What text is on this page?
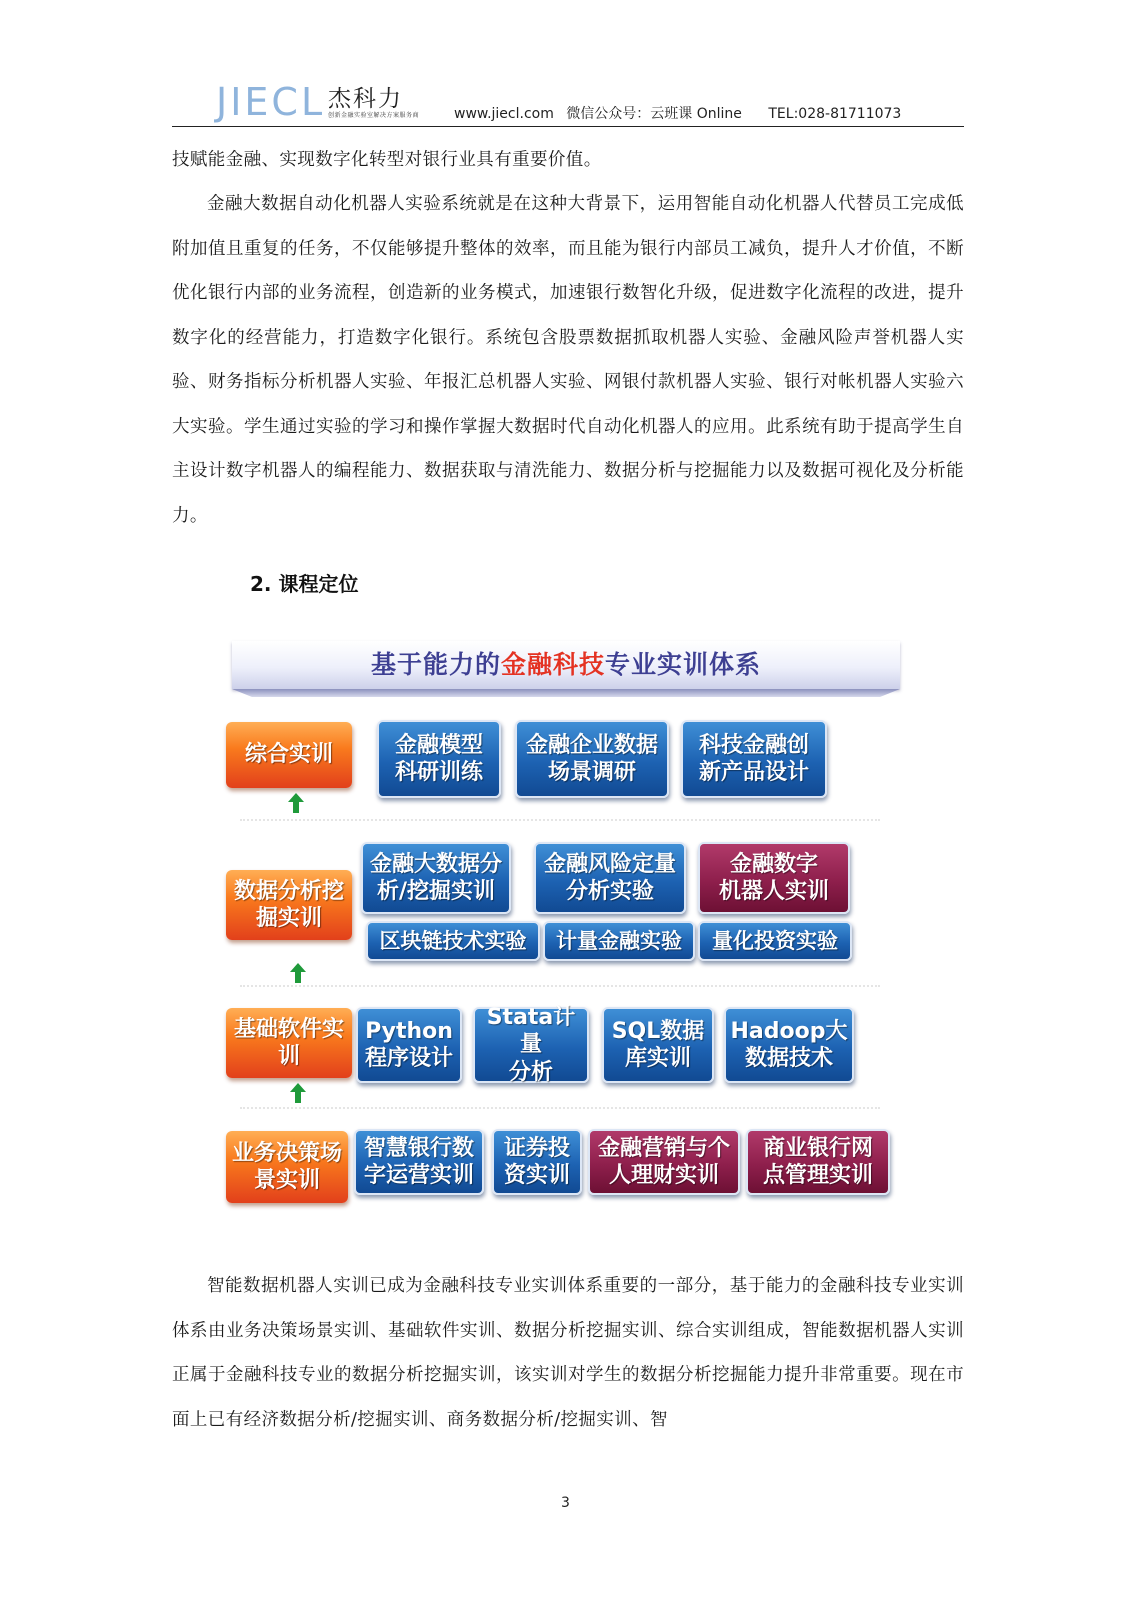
JIECL 杰科力
创新金融实验室解决方案服务商 www.jiecl.com 微信公众号：云班课 Online TEL:028-81711073

技赋能金融、实现数字化转型对银行业具有重要价值。

金融大数据自动化机器人实验系统就是在这种大背景下，运用智能自动化机器人代替员工完成低附加值且重复的任务，不仅能够提升整体的效率，而且能为银行内部员工减负，提升人才价值，不断优化银行内部的业务流程，创造新的业务模式，加速银行数智化升级，促进数字化流程的改进，提升数字化的经营能力，打造数字化银行。系统包含股票数据抓取机器人实验、金融风险声誉机器人实验、财务指标分析机器人实验、年报汇总机器人实验、网银付款机器人实验、银行对帐机器人实验六大实验。学生通过实验的学习和操作掌握大数据时代自动化机器人的应用。此系统有助于提高学生自主设计数字机器人的编程能力、数据获取与清洗能力、数据分析与挖掘能力以及数据可视化及分析能力。

2. 课程定位
基于能力的金融科技专业实训体系
综合实训	金融模型
科研训练
金融企业数据
场景调研
科技金融创
新产品设计
数据分析挖掘实训
金融大数据分
析/挖掘实训
金融风险定量
分析实验
金融数字
机器人实训
区块链技术实验 计量金融实验 量化投资实验
基础软件实训
Python
程序设计
Stata计量
分析
SQL数据
库实训
Hadoop大
数据技术
业务决策场景实训
智慧银行数
字运营实训
证券投
资实训
金融营销与个
人理财实训
商业银行网
点管理实训

智能数据机器人实训已成为金融科技专业实训体系重要的一部分，基于能力的金融科技专业实训体系由业务决策场景实训、基础软件实训、数据分析挖掘实训、综合实训组成，智能数据机器人实训正属于金融科技专业的数据分析挖掘实训，该实训对学生的数据分析挖掘能力提升非常重要。现在市面上已有经济数据分析/挖掘实训、商务数据分析/挖掘实训、智

3
